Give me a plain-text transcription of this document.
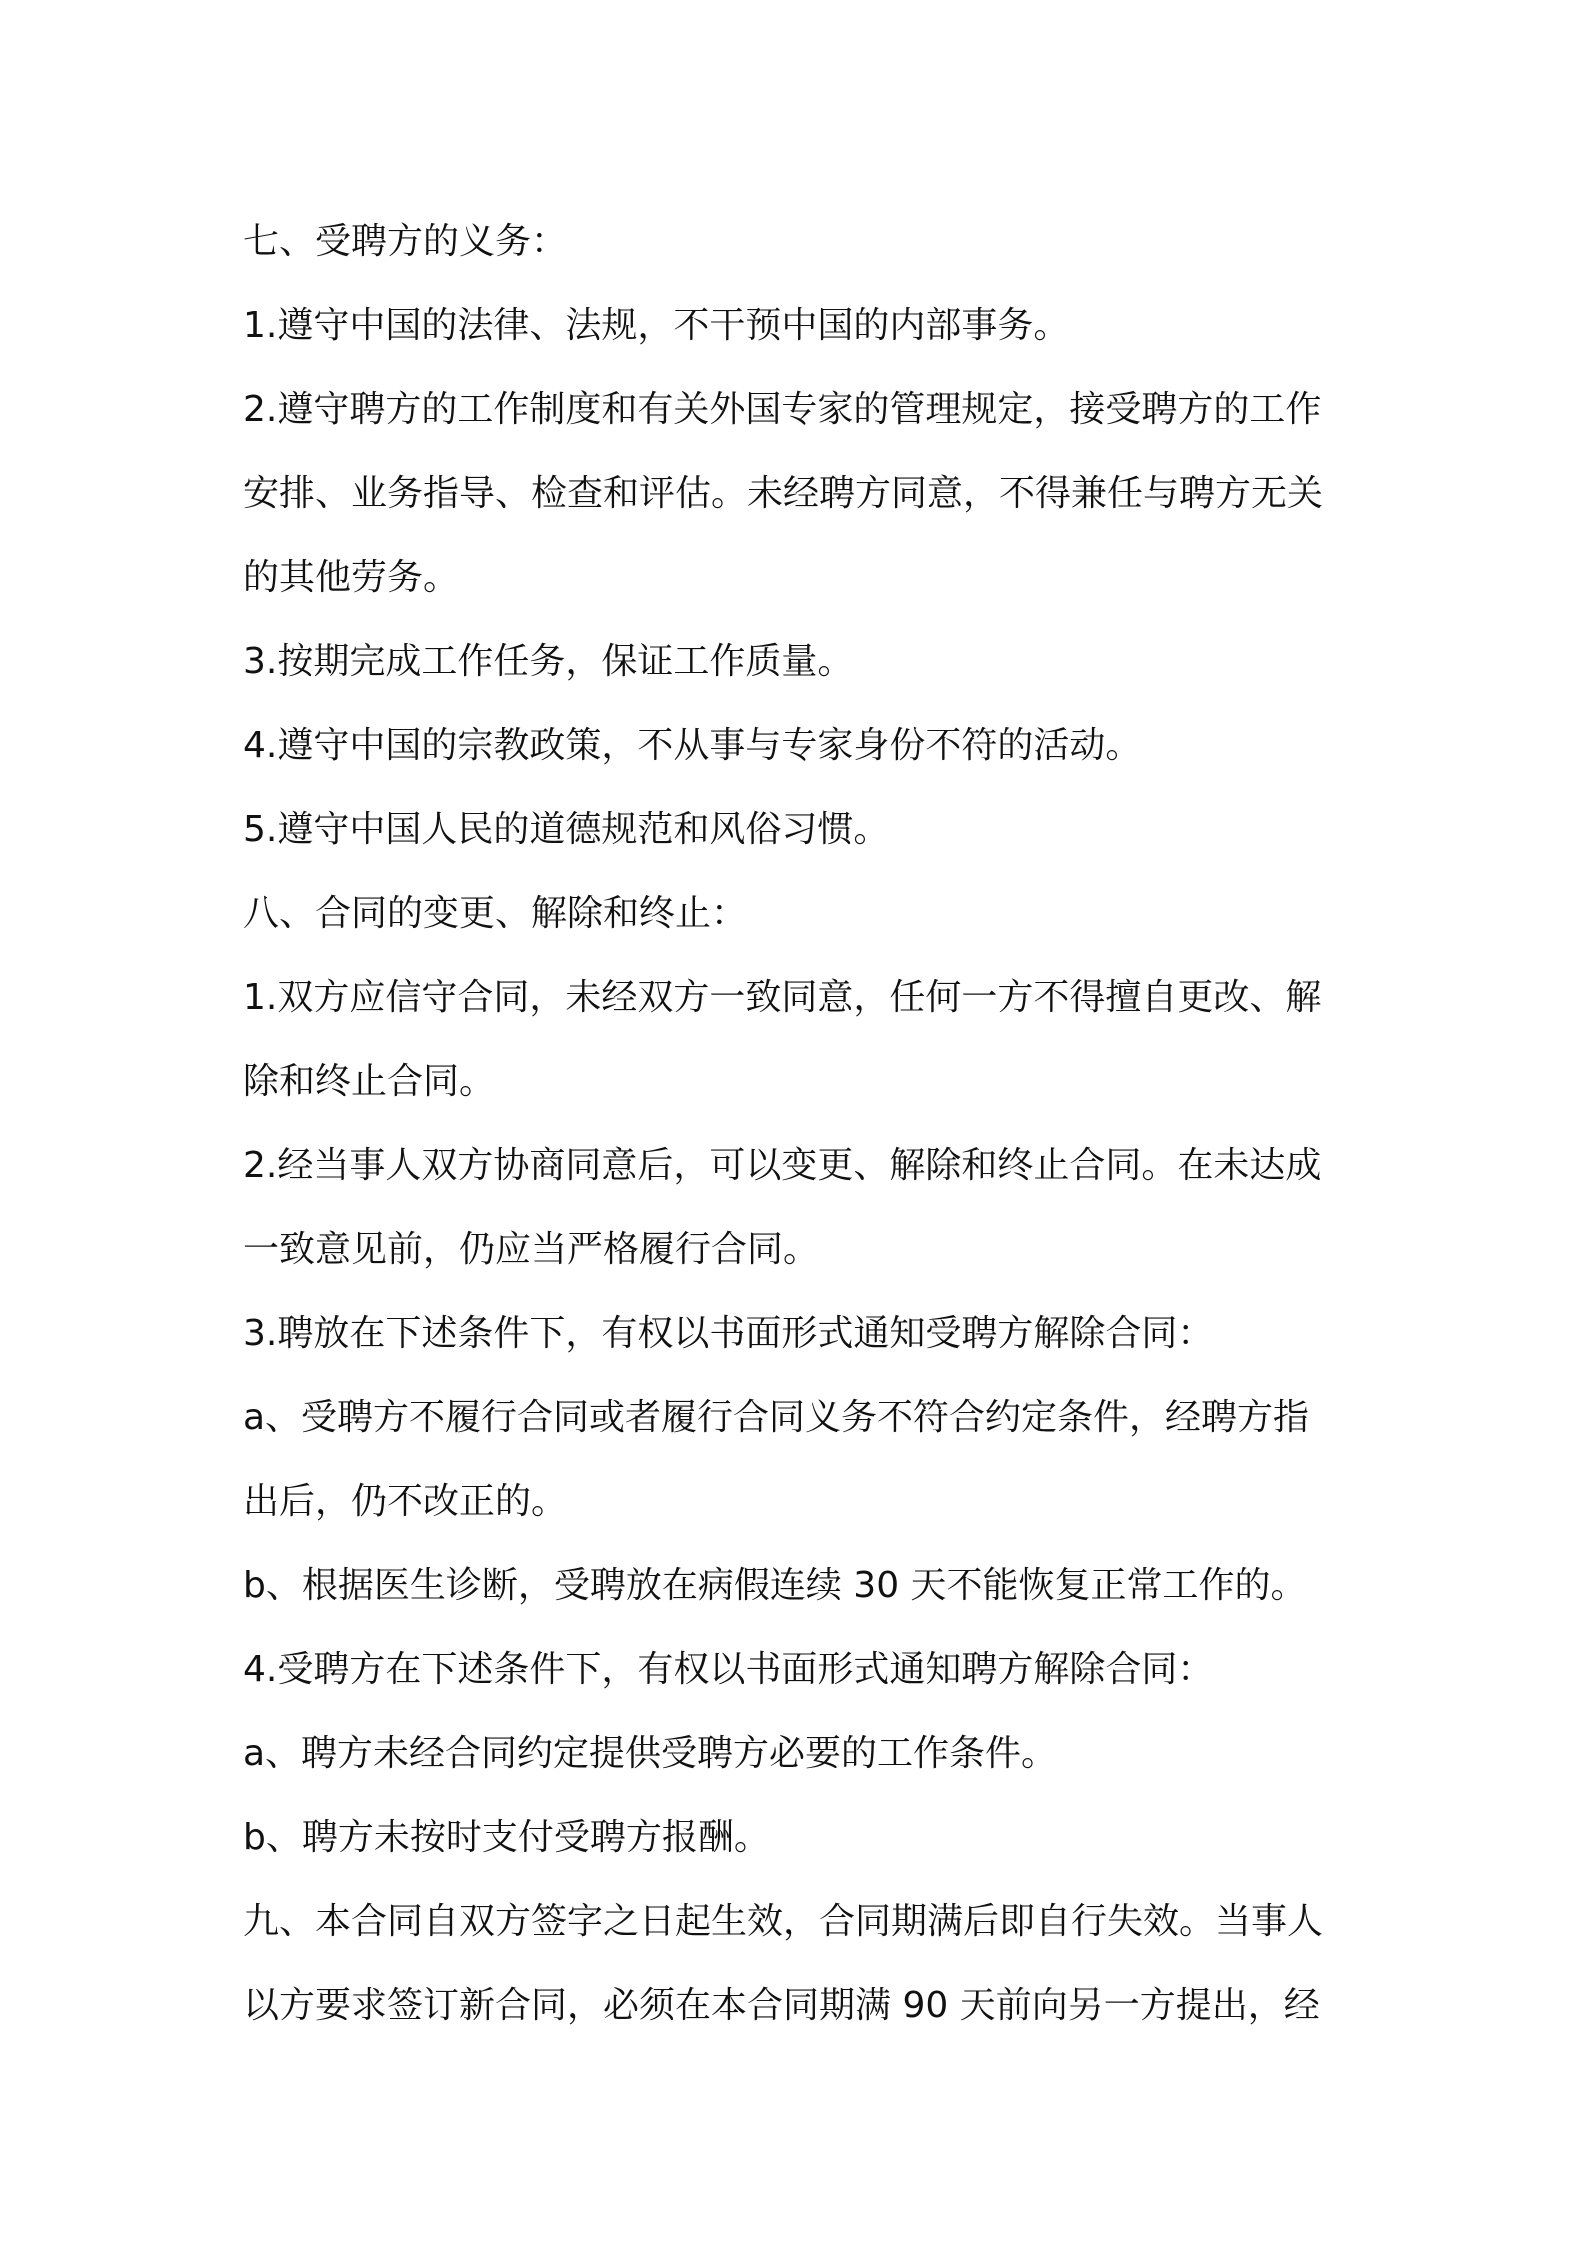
七、受聘方的义务：
1.遵守中国的法律、法规，不干预中国的内部事务。
2.遵守聘方的工作制度和有关外国专家的管理规定，接受聘方的工作
安排、业务指导、检查和评估。未经聘方同意，不得兼任与聘方无关
的其他劳务。
3.按期完成工作任务，保证工作质量。
4.遵守中国的宗教政策，不从事与专家身份不符的活动。
5.遵守中国人民的道德规范和风俗习惯。
八、合同的变更、解除和终止：
1.双方应信守合同，未经双方一致同意，任何一方不得擅自更改、解
除和终止合同。
2.经当事人双方协商同意后，可以变更、解除和终止合同。在未达成
一致意见前，仍应当严格履行合同。
3.聘放在下述条件下，有权以书面形式通知受聘方解除合同：
a、受聘方不履行合同或者履行合同义务不符合约定条件，经聘方指
出后，仍不改正的。
b、根据医生诊断，受聘放在病假连续 30 天不能恢复正常工作的。
4.受聘方在下述条件下，有权以书面形式通知聘方解除合同：
a、聘方未经合同约定提供受聘方必要的工作条件。
b、聘方未按时支付受聘方报酬。
九、本合同自双方签字之日起生效，合同期满后即自行失效。当事人
以方要求签订新合同，必须在本合同期满 90 天前向另一方提出，经
